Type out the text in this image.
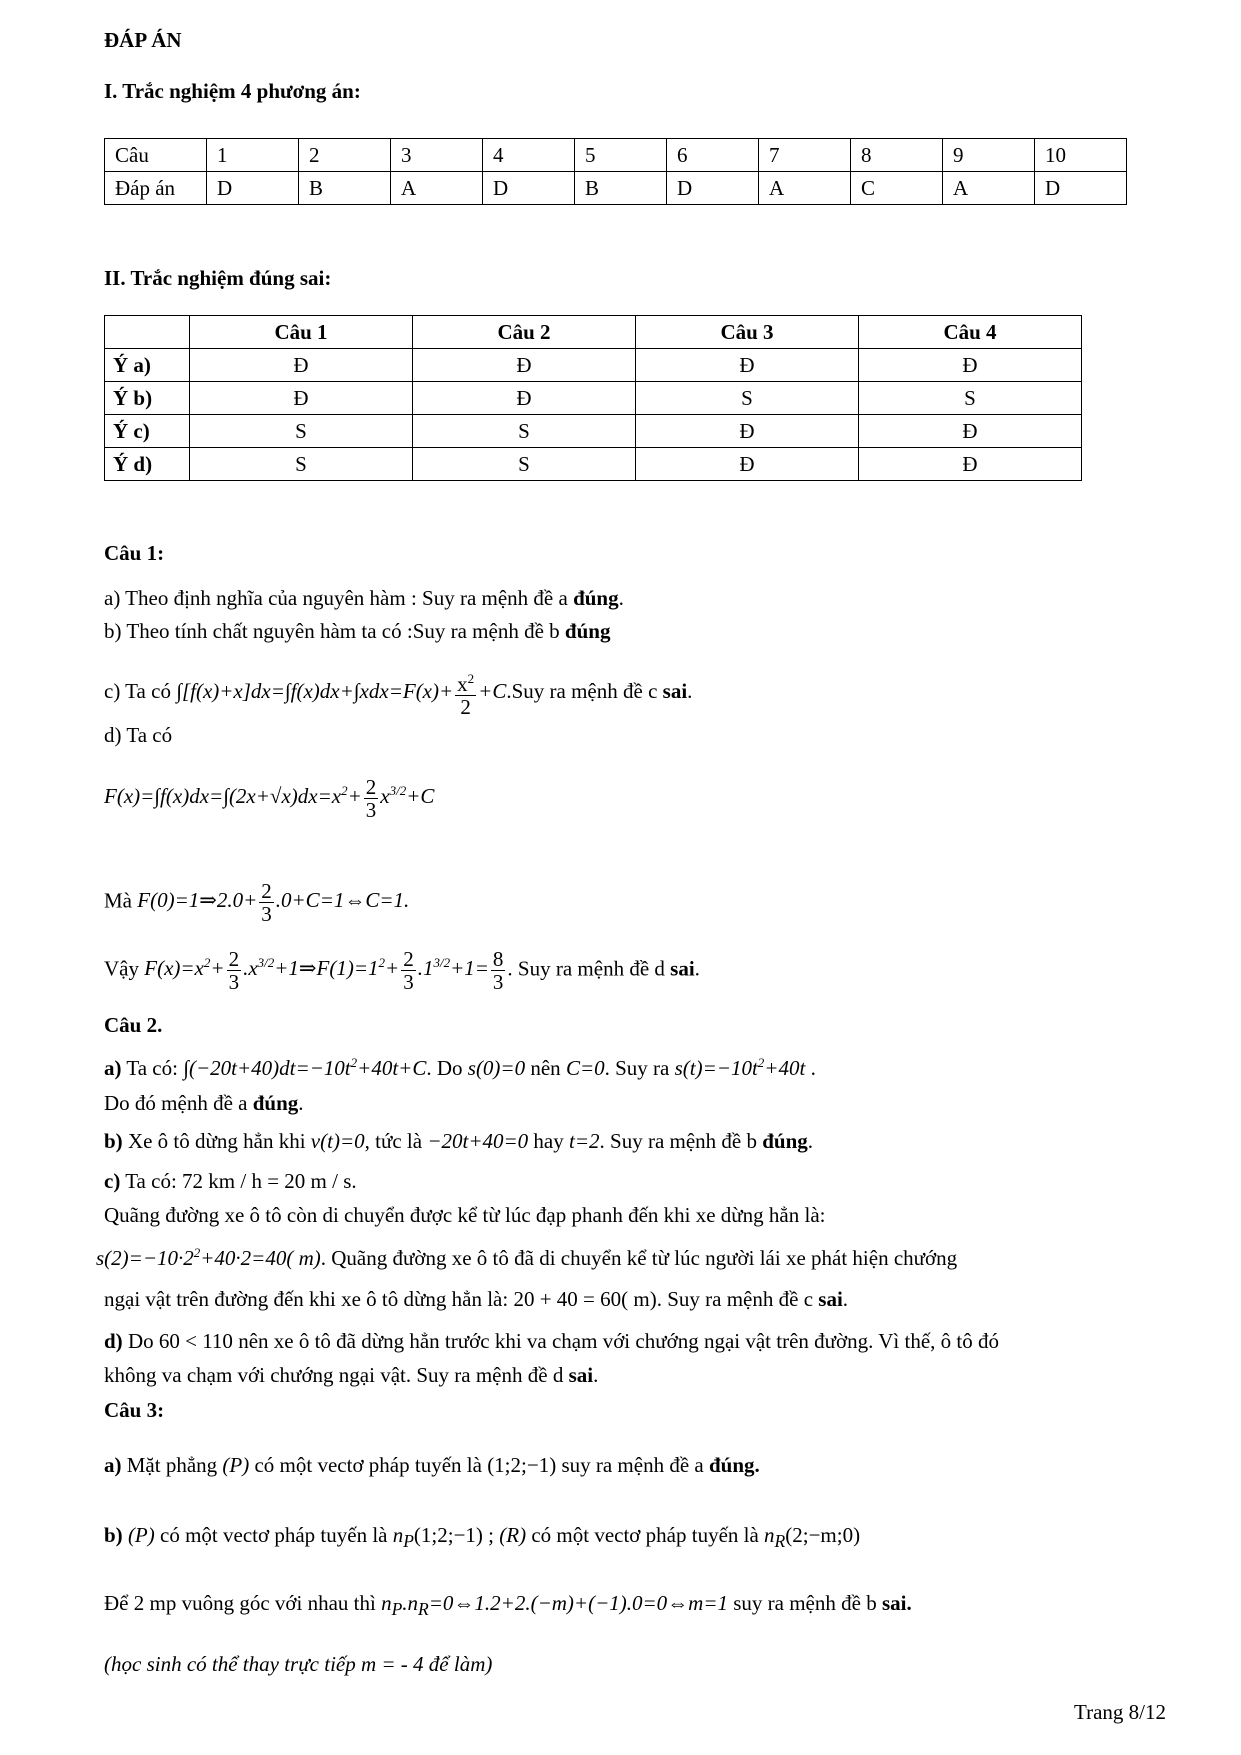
ĐÁP ÁN
I. Trắc nghiệm 4 phương án:
Câu	1	2	3	4	5	6	7	8	9	10
Đáp án	D	B	A	D	B	D	A	C	A	D
II. Trắc nghiệm đúng sai:
	Câu 1	Câu 2	Câu 3	Câu 4
Ý a)	Đ	Đ	Đ	Đ
Ý b)	Đ	Đ	S	S
Ý c)	S	S	Đ	Đ
Ý d)	S	S	Đ	Đ
Câu 1:
a) Theo định nghĩa của nguyên hàm : Suy ra mệnh đề a đúng.
b) Theo tính chất nguyên hàm ta có :Suy ra mệnh đề b đúng
c) Ta có $\int[f(x)+x]dx=\int f(x)dx+\int xdx=F(x)+ \frac{x^2}{2} +C.Suy$ ra mệnh đề c sai.
d) Ta có
$F(x)=\int f(x)dx=\int(2x+√x)dx=x^2+ \frac{2}{3} x^{3/2}+C$
Mà F(0)=1⇒2.0+ $\frac{2}{3}$ .0+C=1⇔C=1.
Vậy $F(x)=x^2+ \frac{2}{3}$ $.x^{3/2}+1\Rightarrow F(1)=1^2+ \frac{2}{3} .1^{3/2}+1= \frac{8}{3}$ . Suy ra mệnh đề d sai.
Câu 2.
a) Ta có: $\int(-20t+40)dt=-10t^2+40t+C$. Do s(0)=0 nên C=0. Suy ra $s(t)=-10t^2+40t$ .
Do đó mệnh đề a đúng.
b) Xe ô tô dừng hẳn khi v(t)=0, tức là −20t+40=0 hay t=2. Suy ra mệnh đề b đúng.
c) Ta có: 72 km / h = 20 m / s.
Quãng đường xe ô tô còn di chuyển được kể từ lúc đạp phanh đến khi xe dừng hẳn là:
$s(2)=-10\cdot 2^2+40\cdot 2=40$( m). Quãng đường xe ô tô đã di chuyển kể từ lúc người lái xe phát hiện chướng
ngại vật trên đường đến khi xe ô tô dừng hẳn là: 20 + 40 = 60( m). Suy ra mệnh đề c sai.
d) Do 60 < 110 nên xe ô tô đã dừng hẳn trước khi va chạm với chướng ngại vật trên đường. Vì thế, ô tô đó
không va chạm với chướng ngại vật. Suy ra mệnh đề d sai.
Câu 3:
a) Mặt phẳng (P) có một vectơ pháp tuyến là (1;2;−1) suy ra mệnh đề a đúng.
b) (P) có một vectơ pháp tuyến là $n_P(1;2;-1)$ ; (R) có một vectơ pháp tuyến là $n_R(2;-m;0)$
Để 2 mp vuông góc với nhau thì $n_P.n_R=0\Leftrightarrow 1.2+2.(-m)+(-1).0=0\Leftrightarrow m=1$ suy ra mệnh đề b sai.
(học sinh có thể thay trực tiếp m = - 4 để làm)
Trang 8/12
